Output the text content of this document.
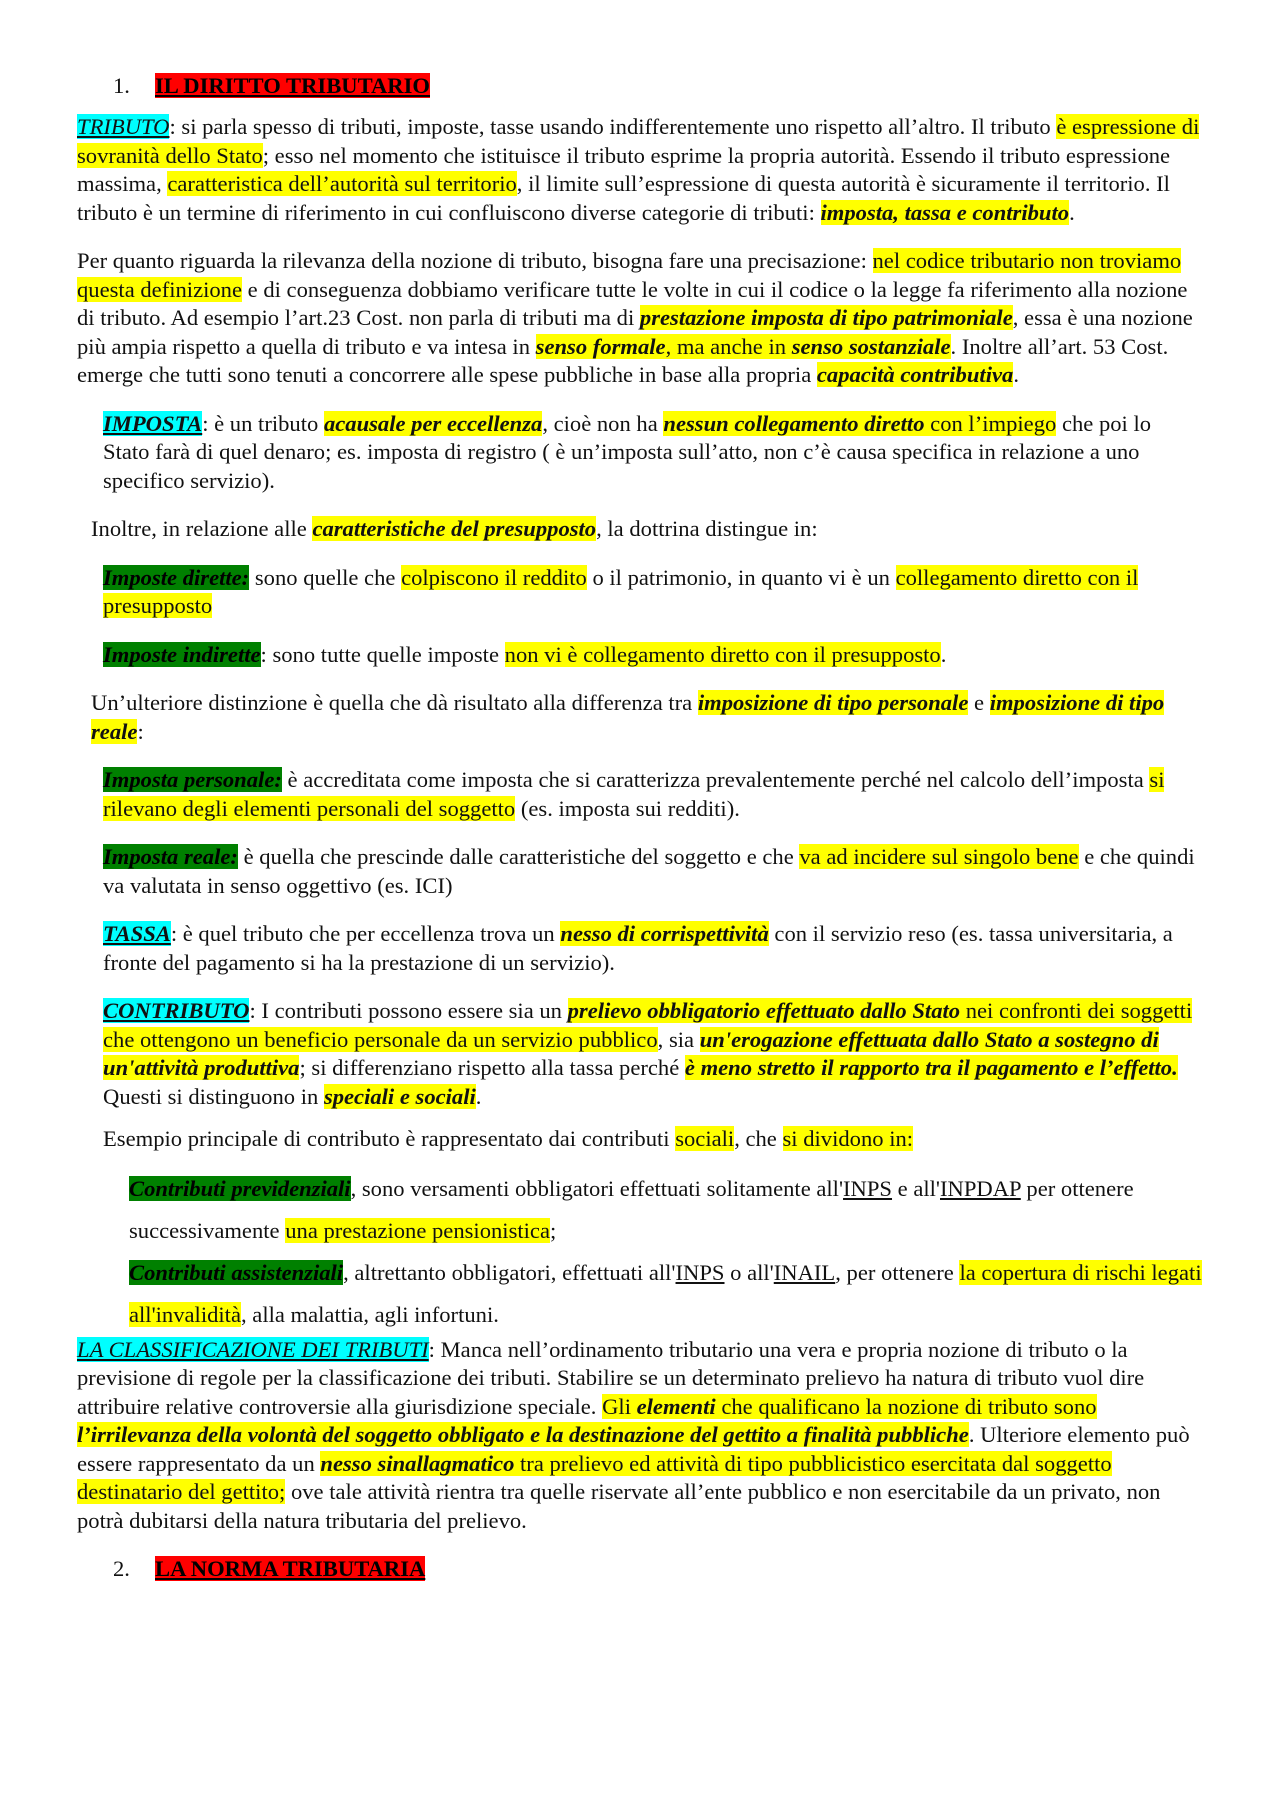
1. IL DIRITTO TRIBUTARIO

TRIBUTO: si parla spesso di tributi, imposte, tasse usando indifferentemente uno rispetto all’altro. Il tributo è espressione di sovranità dello Stato; esso nel momento che istituisce il tributo esprime la propria autorità. Essendo il tributo espressione massima, caratteristica dell’autorità sul territorio, il limite sull’espressione di questa autorità è sicuramente il territorio. Il tributo è un termine di riferimento in cui confluiscono diverse categorie di tributi: imposta, tassa e contributo.

Per quanto riguarda la rilevanza della nozione di tributo, bisogna fare una precisazione: nel codice tributario non troviamo questa definizione e di conseguenza dobbiamo verificare tutte le volte in cui il codice o la legge fa riferimento alla nozione di tributo. Ad esempio l’art.23 Cost. non parla di tributi ma di prestazione imposta di tipo patrimoniale, essa è una nozione più ampia rispetto a quella di tributo e va intesa in senso formale, ma anche in senso sostanziale. Inoltre all’art. 53 Cost. emerge che tutti sono tenuti a concorrere alle spese pubbliche in base alla propria capacità contributiva.

IMPOSTA: è un tributo acausale per eccellenza, cioè non ha nessun collegamento diretto con l’impiego che poi lo Stato farà di quel denaro; es. imposta di registro ( è un’imposta sull’atto, non c’è causa specifica in relazione a uno specifico servizio).

Inoltre, in relazione alle caratteristiche del presupposto, la dottrina distingue in:

Imposte dirette: sono quelle che colpiscono il reddito o il patrimonio, in quanto vi è un collegamento diretto con il presupposto

Imposte indirette: sono tutte quelle imposte non vi è collegamento diretto con il presupposto.

Un’ulteriore distinzione è quella che dà risultato alla differenza tra imposizione di tipo personale e imposizione di tipo reale:

Imposta personale: è accreditata come imposta che si caratterizza prevalentemente perché nel calcolo dell’imposta si rilevano degli elementi personali del soggetto (es. imposta sui redditi).

Imposta reale: è quella che prescinde dalle caratteristiche del soggetto e che va ad incidere sul singolo bene e che quindi va valutata in senso oggettivo (es. ICI)

TASSA: è quel tributo che per eccellenza trova un nesso di corrispettività con il servizio reso (es. tassa universitaria, a fronte del pagamento si ha la prestazione di un servizio).

CONTRIBUTO: I contributi possono essere sia un prelievo obbligatorio effettuato dallo Stato nei confronti dei soggetti che ottengono un beneficio personale da un servizio pubblico, sia un'erogazione effettuata dallo Stato a sostegno di un'attività produttiva; si differenziano rispetto alla tassa perché è meno stretto il rapporto tra il pagamento e l’effetto. Questi si distinguono in speciali e sociali.

Esempio principale di contributo è rappresentato dai contributi sociali, che si dividono in:

Contributi previdenziali, sono versamenti obbligatori effettuati solitamente all'INPS e all'INPDAP per ottenere successivamente una prestazione pensionistica;

Contributi assistenziali, altrettanto obbligatori, effettuati all'INPS o all'INAIL, per ottenere la copertura di rischi legati all'invalidità, alla malattia, agli infortuni.

LA CLASSIFICAZIONE DEI TRIBUTI: Manca nell’ordinamento tributario una vera e propria nozione di tributo o la previsione di regole per la classificazione dei tributi. Stabilire se un determinato prelievo ha natura di tributo vuol dire attribuire relative controversie alla giurisdizione speciale. Gli elementi che qualificano la nozione di tributo sono l’irrilevanza della volontà del soggetto obbligato e la destinazione del gettito a finalità pubbliche. Ulteriore elemento può essere rappresentato da un nesso sinallagmatico tra prelievo ed attività di tipo pubblicistico esercitata dal soggetto destinatario del gettito; ove tale attività rientra tra quelle riservate all’ente pubblico e non esercitabile da un privato, non potrà dubitarsi della natura tributaria del prelievo.

2. LA NORMA TRIBUTARIA
